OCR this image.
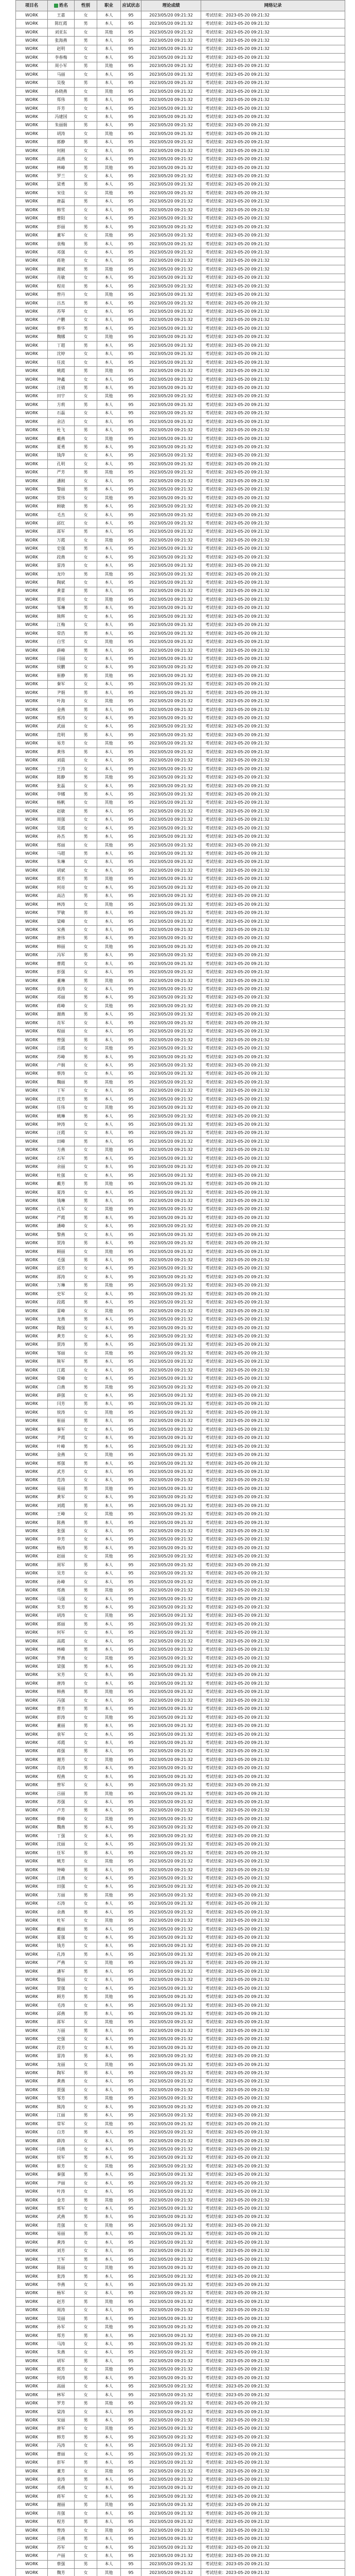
项目名	姓名	性别	职业	应试状态	理论成绩	网络记录
WORK	王嘉	女	本人	95	2023/05/20 09:21:32	考试结束：2023-05-20 09:21:32
WORK	陈红霞	男	本人	95	2023/05/20 09:21:32	考试结束：2023-05-20 09:21:32
WORK	刘亚东	女	其他	95	2023/05/20 09:21:32	考试结束：2023-05-20 09:21:32
WORK	张海燕	男	本人	95	2023/05/20 09:21:32	考试结束：2023-05-20 09:21:32
WORK	赵明	女	本人	95	2023/05/20 09:21:32	考试结束：2023-05-20 09:21:32
WORK	李春梅	女	本人	95	2023/05/20 09:21:32	考试结束：2023-05-20 09:21:32
WORK	周小军	男	其他	95	2023/05/20 09:21:32	考试结束：2023-05-20 09:21:32
WORK	马丽	女	本人	95	2023/05/20 09:21:32	考试结束：2023-05-20 09:21:32
WORK	吴俊	男	本人	95	2023/05/20 09:21:32	考试结束：2023-05-20 09:21:32
WORK	孙晓燕	女	其他	95	2023/05/20 09:21:32	考试结束：2023-05-20 09:21:32
WORK	郑伟	男	本人	95	2023/05/20 09:21:32	考试结束：2023-05-20 09:21:32
WORK	许芳	女	本人	95	2023/05/20 09:21:32	考试结束：2023-05-20 09:21:32
WORK	冯建国	女	本人	95	2023/05/20 09:21:32	考试结束：2023-05-20 09:21:32
WORK	朱丽娟	男	本人	95	2023/05/20 09:21:32	考试结束：2023-05-20 09:21:32
WORK	胡涛	女	其他	95	2023/05/20 09:21:32	考试结束：2023-05-20 09:21:32
WORK	郭静	男	本人	95	2023/05/20 09:21:32	考试结束：2023-05-20 09:21:32
WORK	何刚	女	本人	95	2023/05/20 09:21:32	考试结束：2023-05-20 09:21:32
WORK	高燕	女	本人	95	2023/05/20 09:21:32	考试结束：2023-05-20 09:21:32
WORK	林峰	男	其他	95	2023/05/20 09:21:32	考试结束：2023-05-20 09:21:32
WORK	罗兰	女	本人	95	2023/05/20 09:21:32	考试结束：2023-05-20 09:21:32
WORK	梁勇	男	本人	95	2023/05/20 09:21:32	考试结束：2023-05-20 09:21:32
WORK	宋佳	女	其他	95	2023/05/20 09:21:32	考试结束：2023-05-20 09:21:32
WORK	唐磊	男	本人	95	2023/05/20 09:21:32	考试结束：2023-05-20 09:21:32
WORK	韩雪	女	本人	95	2023/05/20 09:21:32	考试结束：2023-05-20 09:21:32
WORK	曹阳	女	本人	95	2023/05/20 09:21:32	考试结束：2023-05-20 09:21:32
WORK	彭丽	男	本人	95	2023/05/20 09:21:32	考试结束：2023-05-20 09:21:32
WORK	董军	女	其他	95	2023/05/20 09:21:32	考试结束：2023-05-20 09:21:32
WORK	袁梅	男	本人	95	2023/05/20 09:21:32	考试结束：2023-05-20 09:21:32
WORK	邓强	女	本人	95	2023/05/20 09:21:32	考试结束：2023-05-20 09:21:32
WORK	蒋艳	女	本人	95	2023/05/20 09:21:32	考试结束：2023-05-20 09:21:32
WORK	谢斌	男	其他	95	2023/05/20 09:21:32	考试结束：2023-05-20 09:21:32
WORK	肖敏	女	本人	95	2023/05/20 09:21:32	考试结束：2023-05-20 09:21:32
WORK	程亮	男	本人	95	2023/05/20 09:21:32	考试结束：2023-05-20 09:21:32
WORK	曾丹	女	其他	95	2023/05/20 09:21:32	考试结束：2023-05-20 09:21:32
WORK	吕杰	男	本人	95	2023/05/20 09:21:32	考试结束：2023-05-20 09:21:32
WORK	苏琴	女	本人	95	2023/05/20 09:21:32	考试结束：2023-05-20 09:21:32
WORK	卢鹏	女	本人	95	2023/05/20 09:21:32	考试结束：2023-05-20 09:21:32
WORK	蔡华	男	本人	95	2023/05/20 09:21:32	考试结束：2023-05-20 09:21:32
WORK	魏娜	女	其他	95	2023/05/20 09:21:32	考试结束：2023-05-20 09:21:32
WORK	丁超	男	本人	95	2023/05/20 09:21:32	考试结束：2023-05-20 09:21:32
WORK	沈婷	女	本人	95	2023/05/20 09:21:32	考试结束：2023-05-20 09:21:32
WORK	任波	女	本人	95	2023/05/20 09:21:32	考试结束：2023-05-20 09:21:32
WORK	姚霞	男	其他	95	2023/05/20 09:21:32	考试结束：2023-05-20 09:21:32
WORK	钟鑫	女	本人	95	2023/05/20 09:21:32	考试结束：2023-05-20 09:21:32
WORK	汪倩	男	本人	95	2023/05/20 09:21:32	考试结束：2023-05-20 09:21:32
WORK	田宇	女	其他	95	2023/05/20 09:21:32	考试结束：2023-05-20 09:21:32
WORK	方莉	男	本人	95	2023/05/20 09:21:32	考试结束：2023-05-20 09:21:32
WORK	石磊	女	本人	95	2023/05/20 09:21:32	考试结束：2023-05-20 09:21:32
WORK	余洁	女	本人	95	2023/05/20 09:21:32	考试结束：2023-05-20 09:21:32
WORK	杜飞	男	本人	95	2023/05/20 09:21:32	考试结束：2023-05-20 09:21:32
WORK	戴燕	女	其他	95	2023/05/20 09:21:32	考试结束：2023-05-20 09:21:32
WORK	夏勇	男	本人	95	2023/05/20 09:21:32	考试结束：2023-05-20 09:21:32
WORK	钱萍	女	本人	95	2023/05/20 09:21:32	考试结束：2023-05-20 09:21:32
WORK	孔明	女	本人	95	2023/05/20 09:21:32	考试结束：2023-05-20 09:21:32
WORK	严芳	男	其他	95	2023/05/20 09:21:32	考试结束：2023-05-20 09:21:32
WORK	潘刚	女	本人	95	2023/05/20 09:21:32	考试结束：2023-05-20 09:21:32
WORK	黎丽	男	本人	95	2023/05/20 09:21:32	考试结束：2023-05-20 09:21:32
WORK	贺伟	女	其他	95	2023/05/20 09:21:32	考试结束：2023-05-20 09:21:32
WORK	顾敏	男	本人	95	2023/05/20 09:21:32	考试结束：2023-05-20 09:21:32
WORK	毛杰	女	本人	95	2023/05/20 09:21:32	考试结束：2023-05-20 09:21:32
WORK	邱红	女	本人	95	2023/05/20 09:21:32	考试结束：2023-05-20 09:21:32
WORK	邵军	男	本人	95	2023/05/20 09:21:32	考试结束：2023-05-20 09:21:32
WORK	万霞	女	其他	95	2023/05/20 09:21:32	考试结束：2023-05-20 09:21:32
WORK	史强	男	本人	95	2023/05/20 09:21:32	考试结束：2023-05-20 09:21:32
WORK	段燕	女	本人	95	2023/05/20 09:21:32	考试结束：2023-05-20 09:21:32
WORK	雷涛	女	本人	95	2023/05/20 09:21:32	考试结束：2023-05-20 09:21:32
WORK	龙玲	男	其他	95	2023/05/20 09:21:32	考试结束：2023-05-20 09:21:32
WORK	陶斌	女	本人	95	2023/05/20 09:21:32	考试结束：2023-05-20 09:21:32
WORK	黄蕾	男	本人	95	2023/05/20 09:21:32	考试结束：2023-05-20 09:21:32
WORK	贾亮	女	其他	95	2023/05/20 09:21:32	考试结束：2023-05-20 09:21:32
WORK	邹琳	男	本人	95	2023/05/20 09:21:32	考试结束：2023-05-20 09:21:32
WORK	熊辉	女	本人	95	2023/05/20 09:21:32	考试结束：2023-05-20 09:21:32
WORK	江梅	女	本人	95	2023/05/20 09:21:32	考试结束：2023-05-20 09:21:32
WORK	常浩	男	本人	95	2023/05/20 09:21:32	考试结束：2023-05-20 09:21:32
WORK	白雪	女	其他	95	2023/05/20 09:21:32	考试结束：2023-05-20 09:21:32
WORK	薛峰	男	本人	95	2023/05/20 09:21:32	考试结束：2023-05-20 09:21:32
WORK	闫丽	女	本人	95	2023/05/20 09:21:32	考试结束：2023-05-20 09:21:32
WORK	侯鹏	女	本人	95	2023/05/20 09:21:32	考试结束：2023-05-20 09:21:32
WORK	崔静	男	其他	95	2023/05/20 09:21:32	考试结束：2023-05-20 09:21:32
WORK	秦军	女	本人	95	2023/05/20 09:21:32	考试结束：2023-05-20 09:21:32
WORK	尹娟	男	本人	95	2023/05/20 09:21:32	考试结束：2023-05-20 09:21:32
WORK	叶海	女	其他	95	2023/05/20 09:21:32	考试结束：2023-05-20 09:21:32
WORK	金燕	男	本人	95	2023/05/20 09:21:32	考试结束：2023-05-20 09:21:32
WORK	邢涛	女	本人	95	2023/05/20 09:21:32	考试结束：2023-05-20 09:21:32
WORK	武丽	女	本人	95	2023/05/20 09:21:32	考试结束：2023-05-20 09:21:32
WORK	范明	男	本人	95	2023/05/20 09:21:32	考试结束：2023-05-20 09:21:32
WORK	易芳	女	其他	95	2023/05/20 09:21:32	考试结束：2023-05-20 09:21:32
WORK	黄伟	男	本人	95	2023/05/20 09:21:32	考试结束：2023-05-20 09:21:32
WORK	刘晨	女	本人	95	2023/05/20 09:21:32	考试结束：2023-05-20 09:21:32
WORK	王涛	女	本人	95	2023/05/20 09:21:32	考试结束：2023-05-20 09:21:32
WORK	陈静	男	其他	95	2023/05/20 09:21:32	考试结束：2023-05-20 09:21:32
WORK	张磊	女	本人	95	2023/05/20 09:21:32	考试结束：2023-05-20 09:21:32
WORK	李娜	男	本人	95	2023/05/20 09:21:32	考试结束：2023-05-20 09:21:32
WORK	杨帆	女	其他	95	2023/05/20 09:21:32	考试结束：2023-05-20 09:21:32
WORK	赵敏	男	本人	95	2023/05/20 09:21:32	考试结束：2023-05-20 09:21:32
WORK	周强	女	本人	95	2023/05/20 09:21:32	考试结束：2023-05-20 09:21:32
WORK	吴霞	女	本人	95	2023/05/20 09:21:32	考试结束：2023-05-20 09:21:32
WORK	孙杰	男	本人	95	2023/05/20 09:21:32	考试结束：2023-05-20 09:21:32
WORK	郑丽	女	其他	95	2023/05/20 09:21:32	考试结束：2023-05-20 09:21:32
WORK	马超	男	本人	95	2023/05/20 09:21:32	考试结束：2023-05-20 09:21:32
WORK	朱琳	女	本人	95	2023/05/20 09:21:32	考试结束：2023-05-20 09:21:32
WORK	胡斌	女	本人	95	2023/05/20 09:21:32	考试结束：2023-05-20 09:21:32
WORK	郭芳	男	其他	95	2023/05/20 09:21:32	考试结束：2023-05-20 09:21:32
WORK	何亮	女	本人	95	2023/05/20 09:21:32	考试结束：2023-05-20 09:21:32
WORK	高洁	男	本人	95	2023/05/20 09:21:32	考试结束：2023-05-20 09:21:32
WORK	林涛	女	其他	95	2023/05/20 09:21:32	考试结束：2023-05-20 09:21:32
WORK	罗敏	男	本人	95	2023/05/20 09:21:32	考试结束：2023-05-20 09:21:32
WORK	梁峰	女	本人	95	2023/05/20 09:21:32	考试结束：2023-05-20 09:21:32
WORK	宋燕	女	本人	95	2023/05/20 09:21:32	考试结束：2023-05-20 09:21:32
WORK	唐伟	男	本人	95	2023/05/20 09:21:32	考试结束：2023-05-20 09:21:32
WORK	韩丽	女	其他	95	2023/05/20 09:21:32	考试结束：2023-05-20 09:21:32
WORK	冯军	男	本人	95	2023/05/20 09:21:32	考试结束：2023-05-20 09:21:32
WORK	曹霞	女	本人	95	2023/05/20 09:21:32	考试结束：2023-05-20 09:21:32
WORK	彭强	女	本人	95	2023/05/20 09:21:32	考试结束：2023-05-20 09:21:32
WORK	董琳	男	其他	95	2023/05/20 09:21:32	考试结束：2023-05-20 09:21:32
WORK	袁涛	女	本人	95	2023/05/20 09:21:32	考试结束：2023-05-20 09:21:32
WORK	邓丽	男	本人	95	2023/05/20 09:21:32	考试结束：2023-05-20 09:21:32
WORK	蒋峰	女	其他	95	2023/05/20 09:21:32	考试结束：2023-05-20 09:21:32
WORK	谢燕	男	本人	95	2023/05/20 09:21:32	考试结束：2023-05-20 09:21:32
WORK	肖军	女	本人	95	2023/05/20 09:21:32	考试结束：2023-05-20 09:21:32
WORK	程丽	女	本人	95	2023/05/20 09:21:32	考试结束：2023-05-20 09:21:32
WORK	曾强	男	本人	95	2023/05/20 09:21:32	考试结束：2023-05-20 09:21:32
WORK	吕霞	女	其他	95	2023/05/20 09:21:32	考试结束：2023-05-20 09:21:32
WORK	苏峰	男	本人	95	2023/05/20 09:21:32	考试结束：2023-05-20 09:21:32
WORK	卢娟	女	本人	95	2023/05/20 09:21:32	考试结束：2023-05-20 09:21:32
WORK	蔡涛	女	本人	95	2023/05/20 09:21:32	考试结束：2023-05-20 09:21:32
WORK	魏丽	男	其他	95	2023/05/20 09:21:32	考试结束：2023-05-20 09:21:32
WORK	丁军	女	本人	95	2023/05/20 09:21:32	考试结束：2023-05-20 09:21:32
WORK	沈芳	男	本人	95	2023/05/20 09:21:32	考试结束：2023-05-20 09:21:32
WORK	任伟	女	其他	95	2023/05/20 09:21:32	考试结束：2023-05-20 09:21:32
WORK	姚琳	男	本人	95	2023/05/20 09:21:32	考试结束：2023-05-20 09:21:32
WORK	钟涛	女	本人	95	2023/05/20 09:21:32	考试结束：2023-05-20 09:21:32
WORK	汪霞	女	本人	95	2023/05/20 09:21:32	考试结束：2023-05-20 09:21:32
WORK	田峰	男	本人	95	2023/05/20 09:21:32	考试结束：2023-05-20 09:21:32
WORK	方燕	女	其他	95	2023/05/20 09:21:32	考试结束：2023-05-20 09:21:32
WORK	石军	男	本人	95	2023/05/20 09:21:32	考试结束：2023-05-20 09:21:32
WORK	余丽	女	本人	95	2023/05/20 09:21:32	考试结束：2023-05-20 09:21:32
WORK	杜强	女	本人	95	2023/05/20 09:21:32	考试结束：2023-05-20 09:21:32
WORK	戴芳	男	其他	95	2023/05/20 09:21:32	考试结束：2023-05-20 09:21:32
WORK	夏涛	女	本人	95	2023/05/20 09:21:32	考试结束：2023-05-20 09:21:32
WORK	钱琳	男	本人	95	2023/05/20 09:21:32	考试结束：2023-05-20 09:21:32
WORK	孔军	女	其他	95	2023/05/20 09:21:32	考试结束：2023-05-20 09:21:32
WORK	严霞	男	本人	95	2023/05/20 09:21:32	考试结束：2023-05-20 09:21:32
WORK	潘峰	女	本人	95	2023/05/20 09:21:32	考试结束：2023-05-20 09:21:32
WORK	黎燕	女	本人	95	2023/05/20 09:21:32	考试结束：2023-05-20 09:21:32
WORK	贺涛	男	本人	95	2023/05/20 09:21:32	考试结束：2023-05-20 09:21:32
WORK	顾丽	女	其他	95	2023/05/20 09:21:32	考试结束：2023-05-20 09:21:32
WORK	毛强	男	本人	95	2023/05/20 09:21:32	考试结束：2023-05-20 09:21:32
WORK	邱芳	女	本人	95	2023/05/20 09:21:32	考试结束：2023-05-20 09:21:32
WORK	邵涛	女	本人	95	2023/05/20 09:21:32	考试结束：2023-05-20 09:21:32
WORK	万琳	男	其他	95	2023/05/20 09:21:32	考试结束：2023-05-20 09:21:32
WORK	史军	女	本人	95	2023/05/20 09:21:32	考试结束：2023-05-20 09:21:32
WORK	段霞	男	本人	95	2023/05/20 09:21:32	考试结束：2023-05-20 09:21:32
WORK	雷峰	女	其他	95	2023/05/20 09:21:32	考试结束：2023-05-20 09:21:32
WORK	龙燕	男	本人	95	2023/05/20 09:21:32	考试结束：2023-05-20 09:21:32
WORK	陶强	女	本人	95	2023/05/20 09:21:32	考试结束：2023-05-20 09:21:32
WORK	黄芳	女	本人	95	2023/05/20 09:21:32	考试结束：2023-05-20 09:21:32
WORK	贾涛	男	本人	95	2023/05/20 09:21:32	考试结束：2023-05-20 09:21:32
WORK	邹丽	女	其他	95	2023/05/20 09:21:32	考试结束：2023-05-20 09:21:32
WORK	熊军	男	本人	95	2023/05/20 09:21:32	考试结束：2023-05-20 09:21:32
WORK	江霞	女	本人	95	2023/05/20 09:21:32	考试结束：2023-05-20 09:21:32
WORK	常峰	女	本人	95	2023/05/20 09:21:32	考试结束：2023-05-20 09:21:32
WORK	白燕	男	其他	95	2023/05/20 09:21:32	考试结束：2023-05-20 09:21:32
WORK	薛强	女	本人	95	2023/05/20 09:21:32	考试结束：2023-05-20 09:21:32
WORK	闫芳	男	本人	95	2023/05/20 09:21:32	考试结束：2023-05-20 09:21:32
WORK	侯涛	女	其他	95	2023/05/20 09:21:32	考试结束：2023-05-20 09:21:32
WORK	崔丽	男	本人	95	2023/05/20 09:21:32	考试结束：2023-05-20 09:21:32
WORK	秦军	女	本人	95	2023/05/20 09:21:32	考试结束：2023-05-20 09:21:32
WORK	尹霞	女	本人	95	2023/05/20 09:21:32	考试结束：2023-05-20 09:21:32
WORK	叶峰	男	本人	95	2023/05/20 09:21:32	考试结束：2023-05-20 09:21:32
WORK	金燕	女	其他	95	2023/05/20 09:21:32	考试结束：2023-05-20 09:21:32
WORK	邢强	男	本人	95	2023/05/20 09:21:32	考试结束：2023-05-20 09:21:32
WORK	武芳	女	本人	95	2023/05/20 09:21:32	考试结束：2023-05-20 09:21:32
WORK	范涛	女	本人	95	2023/05/20 09:21:32	考试结束：2023-05-20 09:21:32
WORK	易丽	男	其他	95	2023/05/20 09:21:32	考试结束：2023-05-20 09:21:32
WORK	黄军	女	本人	95	2023/05/20 09:21:32	考试结束：2023-05-20 09:21:32
WORK	刘霞	男	本人	95	2023/05/20 09:21:32	考试结束：2023-05-20 09:21:32
WORK	王峰	女	其他	95	2023/05/20 09:21:32	考试结束：2023-05-20 09:21:32
WORK	陈燕	男	本人	95	2023/05/20 09:21:32	考试结束：2023-05-20 09:21:32
WORK	张强	女	本人	95	2023/05/20 09:21:32	考试结束：2023-05-20 09:21:32
WORK	李芳	女	本人	95	2023/05/20 09:21:32	考试结束：2023-05-20 09:21:32
WORK	杨涛	男	本人	95	2023/05/20 09:21:32	考试结束：2023-05-20 09:21:32
WORK	赵丽	女	其他	95	2023/05/20 09:21:32	考试结束：2023-05-20 09:21:32
WORK	周军	男	本人	95	2023/05/20 09:21:32	考试结束：2023-05-20 09:21:32
WORK	吴芳	女	本人	95	2023/05/20 09:21:32	考试结束：2023-05-20 09:21:32
WORK	孙峰	女	本人	95	2023/05/20 09:21:32	考试结束：2023-05-20 09:21:32
WORK	郑燕	男	其他	95	2023/05/20 09:21:32	考试结束：2023-05-20 09:21:32
WORK	马强	女	本人	95	2023/05/20 09:21:32	考试结束：2023-05-20 09:21:32
WORK	朱芳	男	本人	95	2023/05/20 09:21:32	考试结束：2023-05-20 09:21:32
WORK	胡涛	女	其他	95	2023/05/20 09:21:32	考试结束：2023-05-20 09:21:32
WORK	郭丽	男	本人	95	2023/05/20 09:21:32	考试结束：2023-05-20 09:21:32
WORK	何军	女	本人	95	2023/05/20 09:21:32	考试结束：2023-05-20 09:21:32
WORK	高霞	女	本人	95	2023/05/20 09:21:32	考试结束：2023-05-20 09:21:32
WORK	林峰	男	本人	95	2023/05/20 09:21:32	考试结束：2023-05-20 09:21:32
WORK	罗燕	女	其他	95	2023/05/20 09:21:32	考试结束：2023-05-20 09:21:32
WORK	梁强	男	本人	95	2023/05/20 09:21:32	考试结束：2023-05-20 09:21:32
WORK	宋芳	女	本人	95	2023/05/20 09:21:32	考试结束：2023-05-20 09:21:32
WORK	唐涛	女	本人	95	2023/05/20 09:21:32	考试结束：2023-05-20 09:21:32
WORK	韩燕	男	其他	95	2023/05/20 09:21:32	考试结束：2023-05-20 09:21:32
WORK	冯强	女	本人	95	2023/05/20 09:21:32	考试结束：2023-05-20 09:21:32
WORK	曹芳	男	本人	95	2023/05/20 09:21:32	考试结束：2023-05-20 09:21:32
WORK	彭涛	女	其他	95	2023/05/20 09:21:32	考试结束：2023-05-20 09:21:32
WORK	董丽	男	本人	95	2023/05/20 09:21:32	考试结束：2023-05-20 09:21:32
WORK	袁军	女	本人	95	2023/05/20 09:21:32	考试结束：2023-05-20 09:21:32
WORK	邓霞	女	本人	95	2023/05/20 09:21:32	考试结束：2023-05-20 09:21:32
WORK	蒋强	男	本人	95	2023/05/20 09:21:32	考试结束：2023-05-20 09:21:32
WORK	谢芳	女	其他	95	2023/05/20 09:21:32	考试结束：2023-05-20 09:21:32
WORK	肖涛	男	本人	95	2023/05/20 09:21:32	考试结束：2023-05-20 09:21:32
WORK	程燕	女	本人	95	2023/05/20 09:21:32	考试结束：2023-05-20 09:21:32
WORK	曾军	女	本人	95	2023/05/20 09:21:32	考试结束：2023-05-20 09:21:32
WORK	吕丽	男	其他	95	2023/05/20 09:21:32	考试结束：2023-05-20 09:21:32
WORK	苏强	女	本人	95	2023/05/20 09:21:32	考试结束：2023-05-20 09:21:32
WORK	卢芳	男	本人	95	2023/05/20 09:21:32	考试结束：2023-05-20 09:21:32
WORK	蔡峰	女	其他	95	2023/05/20 09:21:32	考试结束：2023-05-20 09:21:32
WORK	魏燕	男	本人	95	2023/05/20 09:21:32	考试结束：2023-05-20 09:21:32
WORK	丁强	女	本人	95	2023/05/20 09:21:32	考试结束：2023-05-20 09:21:32
WORK	沈丽	女	本人	95	2023/05/20 09:21:32	考试结束：2023-05-20 09:21:32
WORK	任军	男	本人	95	2023/05/20 09:21:32	考试结束：2023-05-20 09:21:32
WORK	姚芳	女	其他	95	2023/05/20 09:21:32	考试结束：2023-05-20 09:21:32
WORK	钟峰	男	本人	95	2023/05/20 09:21:32	考试结束：2023-05-20 09:21:32
WORK	汪燕	女	本人	95	2023/05/20 09:21:32	考试结束：2023-05-20 09:21:32
WORK	田强	女	本人	95	2023/05/20 09:21:32	考试结束：2023-05-20 09:21:32
WORK	方丽	男	其他	95	2023/05/20 09:21:32	考试结束：2023-05-20 09:21:32
WORK	石涛	女	本人	95	2023/05/20 09:21:32	考试结束：2023-05-20 09:21:32
WORK	余燕	男	本人	95	2023/05/20 09:21:32	考试结束：2023-05-20 09:21:32
WORK	杜军	女	其他	95	2023/05/20 09:21:32	考试结束：2023-05-20 09:21:32
WORK	戴丽	男	本人	95	2023/05/20 09:21:32	考试结束：2023-05-20 09:21:32
WORK	夏强	女	本人	95	2023/05/20 09:21:32	考试结束：2023-05-20 09:21:32
WORK	钱芳	女	本人	95	2023/05/20 09:21:32	考试结束：2023-05-20 09:21:32
WORK	孔涛	男	本人	95	2023/05/20 09:21:32	考试结束：2023-05-20 09:21:32
WORK	严燕	女	其他	95	2023/05/20 09:21:32	考试结束：2023-05-20 09:21:32
WORK	潘军	男	本人	95	2023/05/20 09:21:32	考试结束：2023-05-20 09:21:32
WORK	黎丽	女	本人	95	2023/05/20 09:21:32	考试结束：2023-05-20 09:21:32
WORK	贺强	女	本人	95	2023/05/20 09:21:32	考试结束：2023-05-20 09:21:32
WORK	顾芳	男	其他	95	2023/05/20 09:21:32	考试结束：2023-05-20 09:21:32
WORK	毛涛	女	本人	95	2023/05/20 09:21:32	考试结束：2023-05-20 09:21:32
WORK	邱燕	男	本人	95	2023/05/20 09:21:32	考试结束：2023-05-20 09:21:32
WORK	邵军	女	其他	95	2023/05/20 09:21:32	考试结束：2023-05-20 09:21:32
WORK	万丽	男	本人	95	2023/05/20 09:21:32	考试结束：2023-05-20 09:21:32
WORK	史强	女	本人	95	2023/05/20 09:21:32	考试结束：2023-05-20 09:21:32
WORK	段芳	女	本人	95	2023/05/20 09:21:32	考试结束：2023-05-20 09:21:32
WORK	雷涛	男	本人	95	2023/05/20 09:21:32	考试结束：2023-05-20 09:21:32
WORK	龙丽	女	其他	95	2023/05/20 09:21:32	考试结束：2023-05-20 09:21:32
WORK	陶军	男	本人	95	2023/05/20 09:21:32	考试结束：2023-05-20 09:21:32
WORK	黄燕	女	本人	95	2023/05/20 09:21:32	考试结束：2023-05-20 09:21:32
WORK	贾强	女	本人	95	2023/05/20 09:21:32	考试结束：2023-05-20 09:21:32
WORK	邹芳	男	其他	95	2023/05/20 09:21:32	考试结束：2023-05-20 09:21:32
WORK	熊涛	女	本人	95	2023/05/20 09:21:32	考试结束：2023-05-20 09:21:32
WORK	江丽	男	本人	95	2023/05/20 09:21:32	考试结束：2023-05-20 09:21:32
WORK	常军	女	其他	95	2023/05/20 09:21:32	考试结束：2023-05-20 09:21:32
WORK	白芳	男	本人	95	2023/05/20 09:21:32	考试结束：2023-05-20 09:21:32
WORK	薛涛	女	本人	95	2023/05/20 09:21:32	考试结束：2023-05-20 09:21:32
WORK	闫燕	女	本人	95	2023/05/20 09:21:32	考试结束：2023-05-20 09:21:32
WORK	侯军	男	本人	95	2023/05/20 09:21:32	考试结束：2023-05-20 09:21:32
WORK	崔芳	女	其他	95	2023/05/20 09:21:32	考试结束：2023-05-20 09:21:32
WORK	秦强	男	本人	95	2023/05/20 09:21:32	考试结束：2023-05-20 09:21:32
WORK	尹丽	女	本人	95	2023/05/20 09:21:32	考试结束：2023-05-20 09:21:32
WORK	叶涛	女	本人	95	2023/05/20 09:21:32	考试结束：2023-05-20 09:21:32
WORK	金芳	男	其他	95	2023/05/20 09:21:32	考试结束：2023-05-20 09:21:32
WORK	邢军	女	本人	95	2023/05/20 09:21:32	考试结束：2023-05-20 09:21:32
WORK	武燕	男	本人	95	2023/05/20 09:21:32	考试结束：2023-05-20 09:21:32
WORK	范强	女	其他	95	2023/05/20 09:21:32	考试结束：2023-05-20 09:21:32
WORK	易丽	男	本人	95	2023/05/20 09:21:32	考试结束：2023-05-20 09:21:32
WORK	黄涛	女	本人	95	2023/05/20 09:21:32	考试结束：2023-05-20 09:21:32
WORK	刘芳	女	本人	95	2023/05/20 09:21:32	考试结束：2023-05-20 09:21:32
WORK	王军	男	本人	95	2023/05/20 09:21:32	考试结束：2023-05-20 09:21:32
WORK	陈丽	女	其他	95	2023/05/20 09:21:32	考试结束：2023-05-20 09:21:32
WORK	张涛	男	本人	95	2023/05/20 09:21:32	考试结束：2023-05-20 09:21:32
WORK	李燕	女	本人	95	2023/05/20 09:21:32	考试结束：2023-05-20 09:21:32
WORK	杨军	女	本人	95	2023/05/20 09:21:32	考试结束：2023-05-20 09:21:32
WORK	赵芳	男	其他	95	2023/05/20 09:21:32	考试结束：2023-05-20 09:21:32
WORK	周涛	女	本人	95	2023/05/20 09:21:32	考试结束：2023-05-20 09:21:32
WORK	吴丽	男	本人	95	2023/05/20 09:21:32	考试结束：2023-05-20 09:21:32
WORK	孙军	女	其他	95	2023/05/20 09:21:32	考试结束：2023-05-20 09:21:32
WORK	郑芳	男	本人	95	2023/05/20 09:21:32	考试结束：2023-05-20 09:21:32
WORK	马涛	女	本人	95	2023/05/20 09:21:32	考试结束：2023-05-20 09:21:32
WORK	朱燕	女	本人	95	2023/05/20 09:21:32	考试结束：2023-05-20 09:21:32
WORK	胡军	男	本人	95	2023/05/20 09:21:32	考试结束：2023-05-20 09:21:32
WORK	郭芳	女	其他	95	2023/05/20 09:21:32	考试结束：2023-05-20 09:21:32
WORK	何涛	男	本人	95	2023/05/20 09:21:32	考试结束：2023-05-20 09:21:32
WORK	高丽	女	本人	95	2023/05/20 09:21:32	考试结束：2023-05-20 09:21:32
WORK	林军	女	本人	95	2023/05/20 09:21:32	考试结束：2023-05-20 09:21:32
WORK	罗芳	男	其他	95	2023/05/20 09:21:32	考试结束：2023-05-20 09:21:32
WORK	梁涛	女	本人	95	2023/05/20 09:21:32	考试结束：2023-05-20 09:21:32
WORK	宋丽	男	本人	95	2023/05/20 09:21:32	考试结束：2023-05-20 09:21:32
WORK	唐军	女	其他	95	2023/05/20 09:21:32	考试结束：2023-05-20 09:21:32
WORK	韩芳	男	本人	95	2023/05/20 09:21:32	考试结束：2023-05-20 09:21:32
WORK	冯涛	女	本人	95	2023/05/20 09:21:32	考试结束：2023-05-20 09:21:32
WORK	曹丽	女	本人	95	2023/05/20 09:21:32	考试结束：2023-05-20 09:21:32
WORK	彭军	男	本人	95	2023/05/20 09:21:32	考试结束：2023-05-20 09:21:32
WORK	董芳	女	其他	95	2023/05/20 09:21:32	考试结束：2023-05-20 09:21:32
WORK	袁涛	男	本人	95	2023/05/20 09:21:32	考试结束：2023-05-20 09:21:32
WORK	邓燕	女	本人	95	2023/05/20 09:21:32	考试结束：2023-05-20 09:21:32
WORK	蒋军	女	本人	95	2023/05/20 09:21:32	考试结束：2023-05-20 09:21:32
WORK	谢丽	男	其他	95	2023/05/20 09:21:32	考试结束：2023-05-20 09:21:32
WORK	肖强	女	本人	95	2023/05/20 09:21:32	考试结束：2023-05-20 09:21:32
WORK	程芳	男	本人	95	2023/05/20 09:21:32	考试结束：2023-05-20 09:21:32
WORK	曾涛	女	其他	95	2023/05/20 09:21:32	考试结束：2023-05-20 09:21:32
WORK	吕燕	男	本人	95	2023/05/20 09:21:32	考试结束：2023-05-20 09:21:32
WORK	苏军	女	本人	95	2023/05/20 09:21:32	考试结束：2023-05-20 09:21:32
WORK	卢丽	女	本人	95	2023/05/20 09:21:32	考试结束：2023-05-20 09:21:32
WORK	蔡强	男	本人	95	2023/05/20 09:21:32	考试结束：2023-05-20 09:21:32
WORK	魏芳	女	其他	95	2023/05/20 09:21:32	考试结束：2023-05-20 09:21:32
